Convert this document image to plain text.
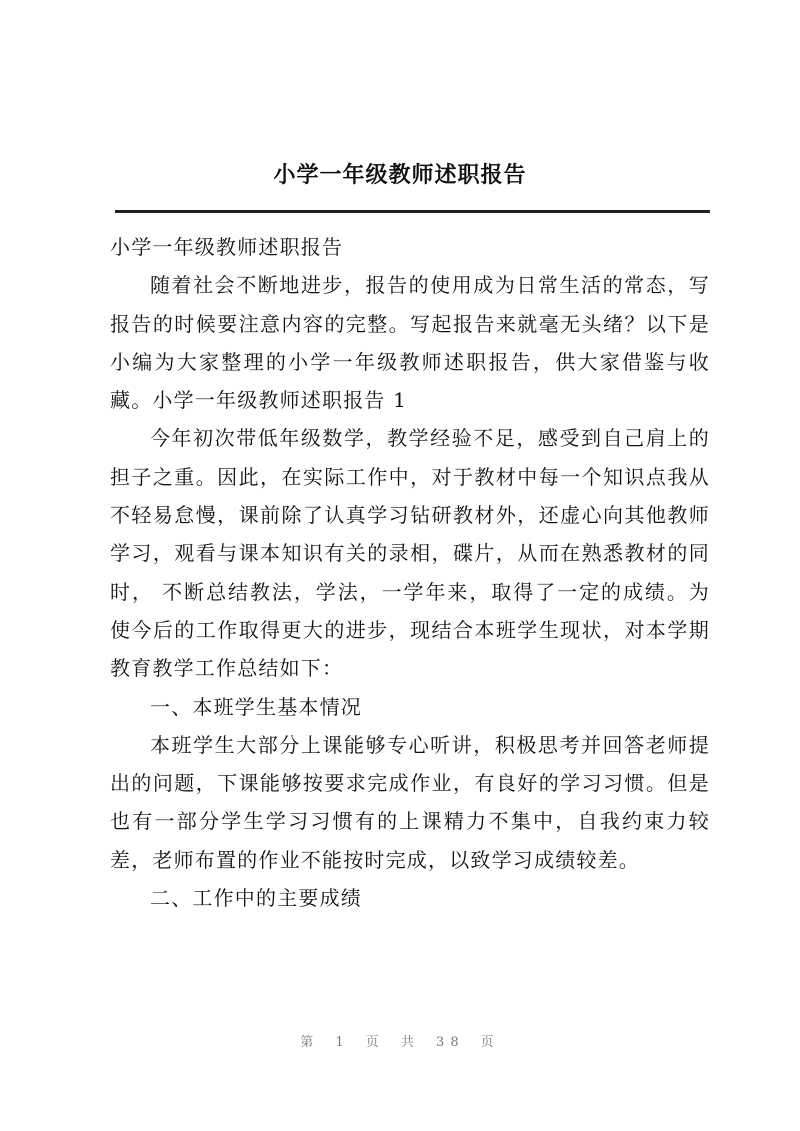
小学一年级教师述职报告

小学一年级教师述职报告

随着社会不断地进步，报告的使用成为日常生活的常态，写报告的时候要注意内容的完整。写起报告来就毫无头绪？以下是小编为大家整理的小学一年级教师述职报告，供大家借鉴与收藏。小学一年级教师述职报告 1

今年初次带低年级数学，教学经验不足，感受到自己肩上的担子之重。因此，在实际工作中，对于教材中每一个知识点我从不轻易怠慢，课前除了认真学习钻研教材外，还虚心向其他教师学习，观看与课本知识有关的录相，碟片，从而在熟悉教材的同时， 不断总结教法，学法，一学年来，取得了一定的成绩。为使今后的工作取得更大的进步，现结合本班学生现状，对本学期教育教学工作总结如下：

一、本班学生基本情况

本班学生大部分上课能够专心听讲，积极思考并回答老师提出的问题，下课能够按要求完成作业，有良好的学习习惯。但是也有一部分学生学习习惯有的上课精力不集中，自我约束力较差，老师布置的作业不能按时完成，以致学习成绩较差。

二、工作中的主要成绩

第 1 页 共 38 页
